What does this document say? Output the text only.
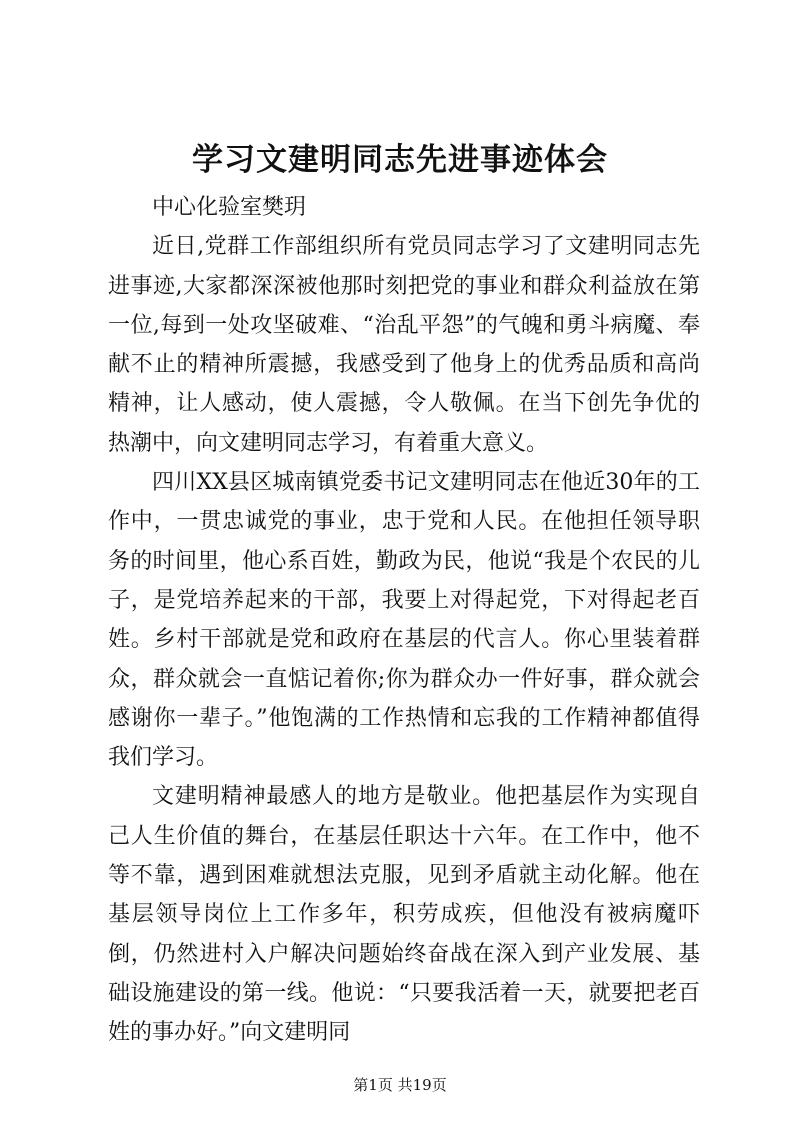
学习文建明同志先进事迹体会

中心化验室樊玥

近日,党群工作部组织所有党员同志学习了文建明同志先进事迹,大家都深深被他那时刻把党的事业和群众利益放在第一位,每到一处攻坚破难、“治乱平怨”的气魄和勇斗病魔、奉献不止的精神所震撼，我感受到了他身上的优秀品质和高尚精神，让人感动，使人震撼，令人敬佩。在当下创先争优的热潮中，向文建明同志学习，有着重大意义。

四川XX县区城南镇党委书记文建明同志在他近30年的工作中，一贯忠诚党的事业，忠于党和人民。在他担任领导职务的时间里，他心系百姓，勤政为民，他说“我是个农民的儿子，是党培养起来的干部，我要上对得起党，下对得起老百姓。乡村干部就是党和政府在基层的代言人。你心里装着群众，群众就会一直惦记着你;你为群众办一件好事，群众就会感谢你一辈子。”他饱满的工作热情和忘我的工作精神都值得我们学习。

文建明精神最感人的地方是敬业。他把基层作为实现自己人生价值的舞台，在基层任职达十六年。在工作中，他不等不靠，遇到困难就想法克服，见到矛盾就主动化解。他在基层领导岗位上工作多年，积劳成疾，但他没有被病魔吓倒，仍然进村入户解决问题始终奋战在深入到产业发展、基础设施建设的第一线。他说：“只要我活着一天，就要把老百姓的事办好。”向文建明同

第1页 共19页
